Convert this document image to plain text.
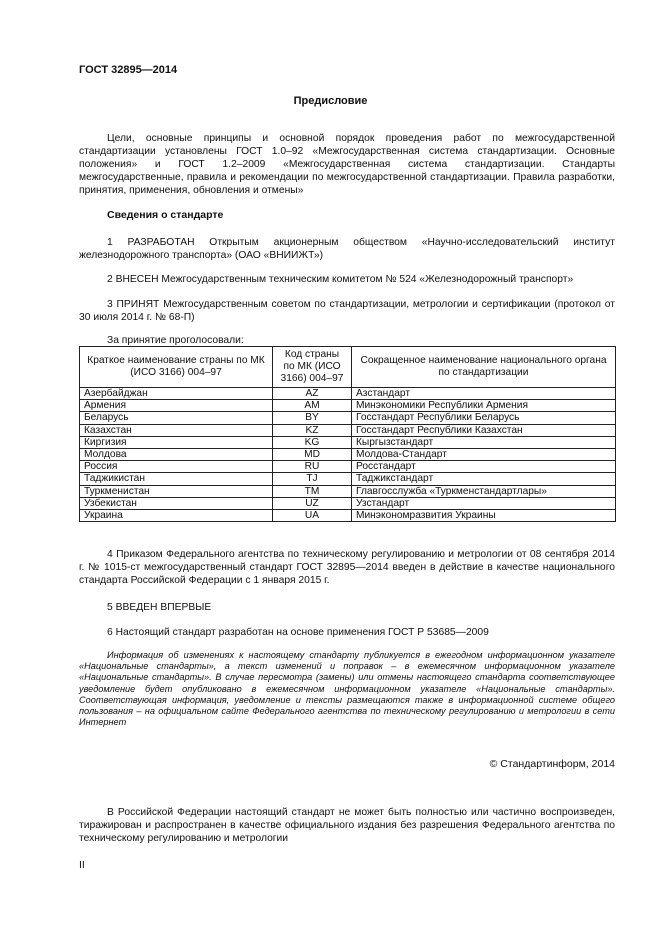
ГОСТ 32895—2014
Предисловие
Цели, основные принципы и основной порядок проведения работ по межгосударственной стандартизации установлены ГОСТ 1.0–92 «Межгосударственная система стандартизации. Основные положения» и ГОСТ 1.2–2009 «Межгосударственная система стандартизации. Стандарты межгосударственные, правила и рекомендации по межгосударственной стандартизации. Правила разработки, принятия, применения, обновления и отмены»
Сведения о стандарте
1 РАЗРАБОТАН Открытым акционерным обществом «Научно-исследовательский институт железнодорожного транспорта» (ОАО «ВНИИЖТ»)
2 ВНЕСЕН Межгосударственным техническим комитетом № 524 «Железнодорожный транспорт»
3 ПРИНЯТ Межгосударственным советом по стандартизации, метрологии и сертификации (протокол от 30 июля 2014 г. № 68-П)
За принятие проголосовали:
Краткое наименование страны по МК (ИСО 3166) 004–97	Код страны по МК (ИСО 3166) 004–97	Сокращенное наименование национального органа по стандартизации
Азербайджан	AZ	Азстандарт
Армения	AM	Минэкономики Республики Армения
Беларусь	BY	Госстандарт Республики Беларусь
Казахстан	KZ	Госстандарт Республики Казахстан
Киргизия	KG	Кыргызстандарт
Молдова	MD	Молдова-Стандарт
Россия	RU	Росстандарт
Таджикистан	TJ	Таджикстандарт
Туркменистан	TM	Главгосслужба «Туркменстандартлары»
Узбекистан	UZ	Узстандарт
Украина	UA	Минэкономразвития Украины
4 Приказом Федерального агентства по техническому регулированию и метрологии от 08 сентября 2014 г. № 1015-ст межгосударственный стандарт ГОСТ 32895—2014 введен в действие в качестве национального стандарта Российской Федерации с 1 января 2015 г.
5 ВВЕДЕН ВПЕРВЫЕ
6 Настоящий стандарт разработан на основе применения ГОСТ Р 53685—2009
Информация об изменениях к настоящему стандарту публикуется в ежегодном информационном указателе «Национальные стандарты», а текст изменений и поправок – в ежемесячном информационном указателе «Национальные стандарты». В случае пересмотра (замены) или отмены настоящего стандарта соответствующее уведомление будет опубликовано в ежемесячном информационном указателе «Национальные стандарты». Соответствующая информация, уведомление и тексты размещаются также в информационной системе общего пользования – на официальном сайте Федерального агентства по техническому регулированию и метрологии в сети Интернет
© Стандартинформ, 2014
В Российской Федерации настоящий стандарт не может быть полностью или частично воспроизведен, тиражирован и распространен в качестве официального издания без разрешения Федерального агентства по техническому регулированию и метрологии
II
